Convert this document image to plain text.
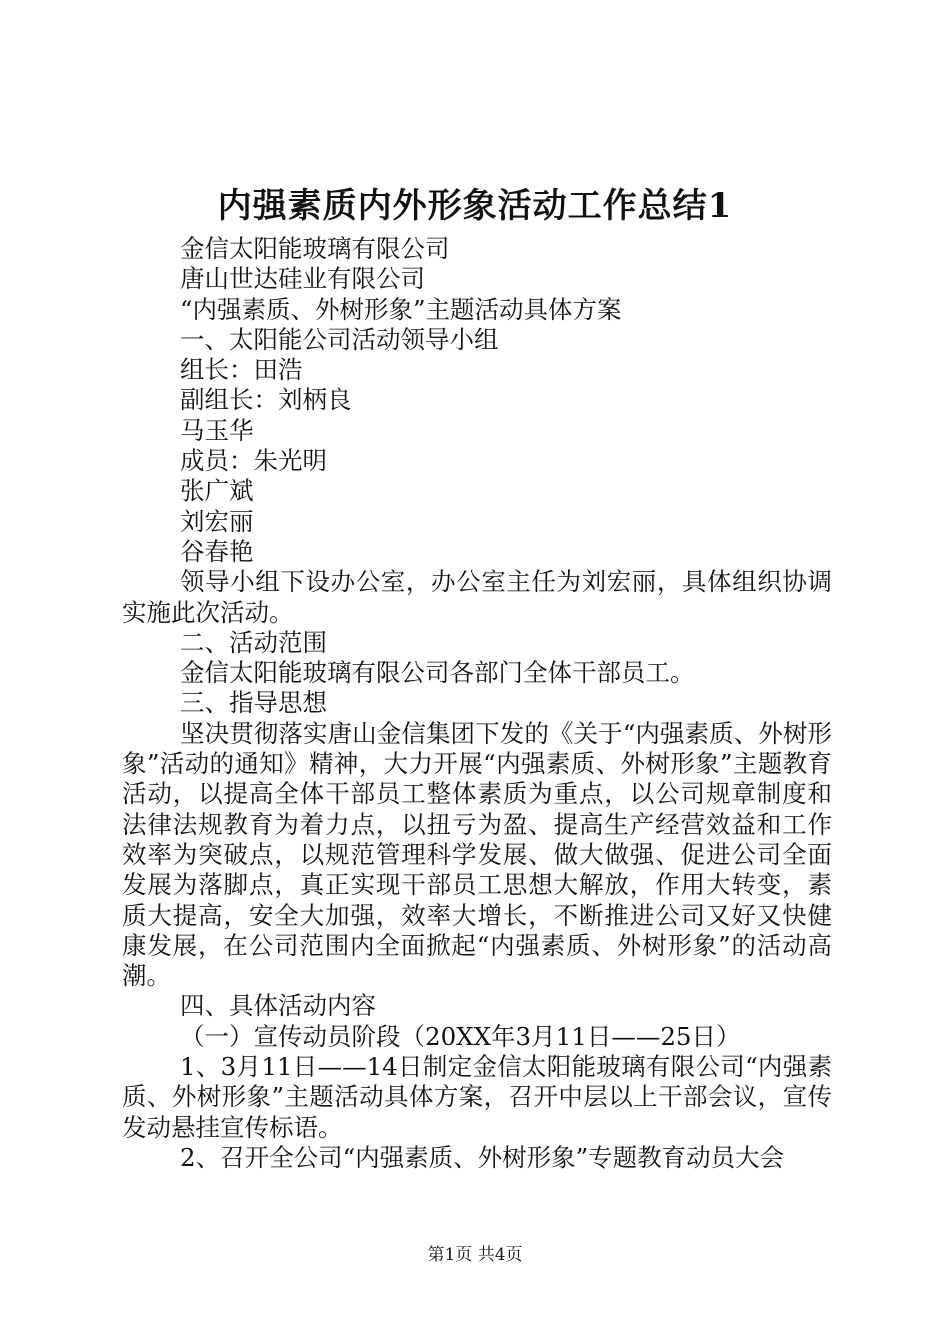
内强素质内外形象活动工作总结1

金信太阳能玻璃有限公司

唐山世达硅业有限公司

“内强素质、外树形象”主题活动具体方案

一、太阳能公司活动领导小组

组长：田浩

副组长：刘柄良

马玉华

成员：朱光明

张广斌

刘宏丽

谷春艳

领导小组下设办公室，办公室主任为刘宏丽，具体组织协调实施此次活动。

二、活动范围

金信太阳能玻璃有限公司各部门全体干部员工。

三、指导思想

坚决贯彻落实唐山金信集团下发的《关于“内强素质、外树形象”活动的通知》精神，大力开展“内强素质、外树形象”主题教育活动，以提高全体干部员工整体素质为重点，以公司规章制度和法律法规教育为着力点，以扭亏为盈、提高生产经营效益和工作效率为突破点，以规范管理科学发展、做大做强、促进公司全面发展为落脚点，真正实现干部员工思想大解放，作用大转变，素质大提高，安全大加强，效率大增长，不断推进公司又好又快健康发展，在公司范围内全面掀起“内强素质、外树形象”的活动高潮。

四、具体活动内容

（一）宣传动员阶段（20XX年3月11日——25日）

1、3月11日——14日制定金信太阳能玻璃有限公司“内强素质、外树形象”主题活动具体方案，召开中层以上干部会议，宣传发动悬挂宣传标语。

2、召开全公司“内强素质、外树形象”专题教育动员大会

第1页 共4页
